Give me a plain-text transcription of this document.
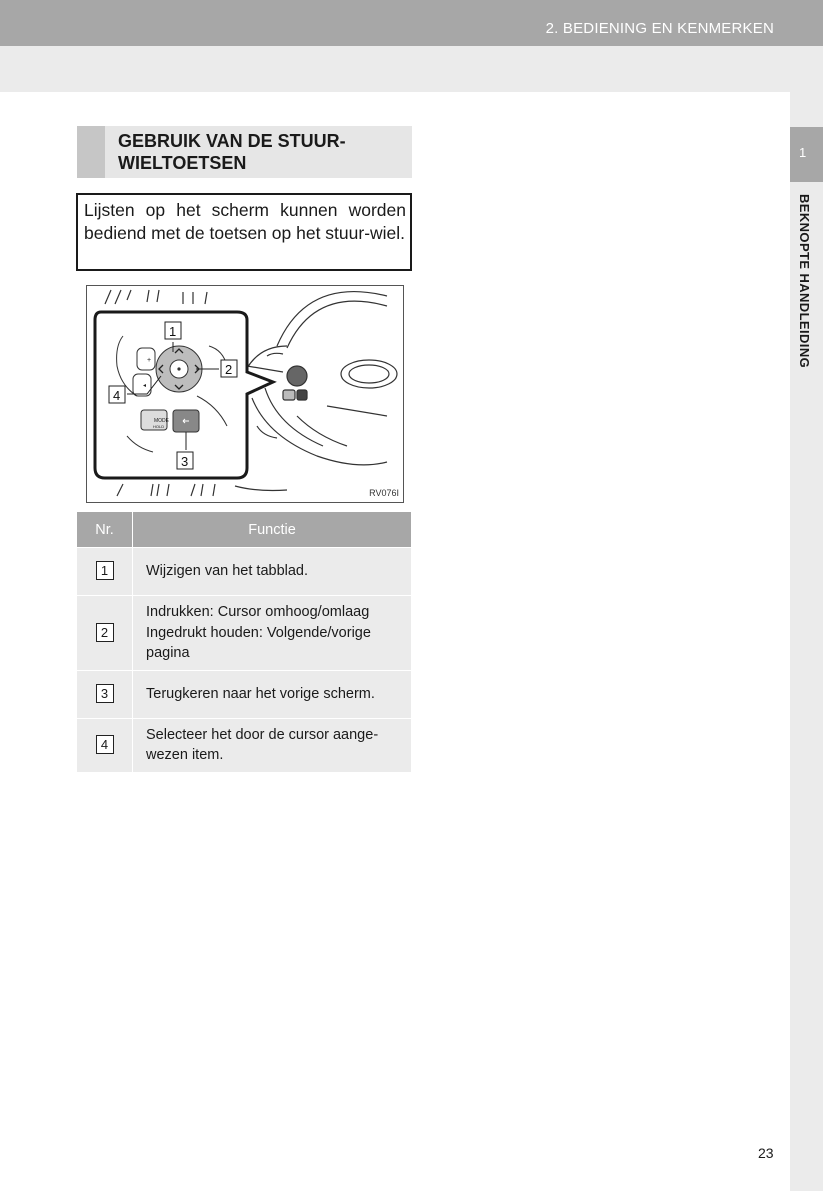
2. BEDIENING EN KENMERKEN
1
BEKNOPTE HANDLEIDING
GEBRUIK VAN DE STUUR-WIELTOETSEN
Lijsten op het scherm kunnen worden bediend met de toetsen op het stuur-wiel.
MODE
HOLD
+
◂
1
2
3
4
RV076I
Nr.	Functie
1	Wijzigen van het tabblad.
2	Indrukken: Cursor omhoog/omlaag Ingedrukt houden: Volgende/vorige pagina
3	Terugkeren naar het vorige scherm.
4	Selecteer het door de cursor aange-wezen item.
23
